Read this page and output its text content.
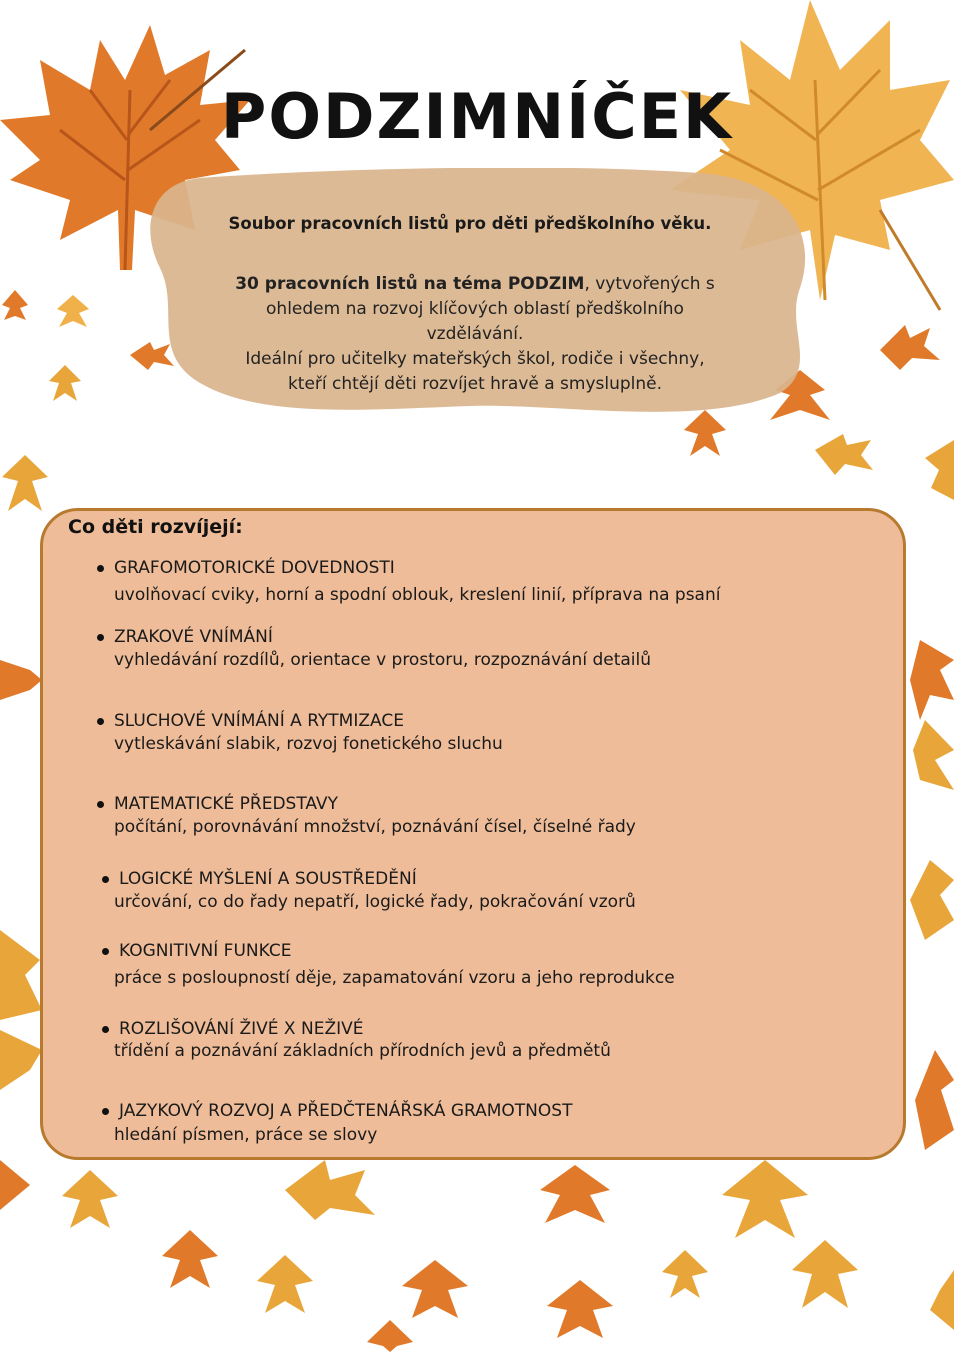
PODZIMNÍČEK
Soubor pracovních listů pro děti předškolního věku.
30 pracovních listů na téma PODZIM, vytvořených s
ohledem na rozvoj klíčových oblastí předškolního
vzdělávání.
Ideální pro učitelky mateřských škol, rodiče i všechny,
kteří chtějí děti rozvíjet hravě a smysluplně.
Co děti rozvíjejí:
GRAFOMOTORICKÉ DOVEDNOSTI
uvolňovací cviky, horní a spodní oblouk, kreslení linií, příprava na psaní
ZRAKOVÉ VNÍMÁNÍ
vyhledávání rozdílů, orientace v prostoru, rozpoznávání detailů
SLUCHOVÉ VNÍMÁNÍ A RYTMIZACE
vytleskávání slabik, rozvoj fonetického sluchu
MATEMATICKÉ PŘEDSTAVY
počítání, porovnávání množství, poznávání čísel, číselné řady
LOGICKÉ MYŠLENÍ A SOUSTŘEDĚNÍ
určování, co do řady nepatří, logické řady, pokračování vzorů
KOGNITIVNÍ FUNKCE
práce s posloupností děje, zapamatování vzoru a jeho reprodukce
ROZLIŠOVÁNÍ ŽIVÉ X NEŽIVÉ
třídění a poznávání základních přírodních jevů a předmětů
JAZYKOVÝ ROZVOJ A PŘEDČTENÁŘSKÁ GRAMOTNOST
hledání písmen, práce se slovy
